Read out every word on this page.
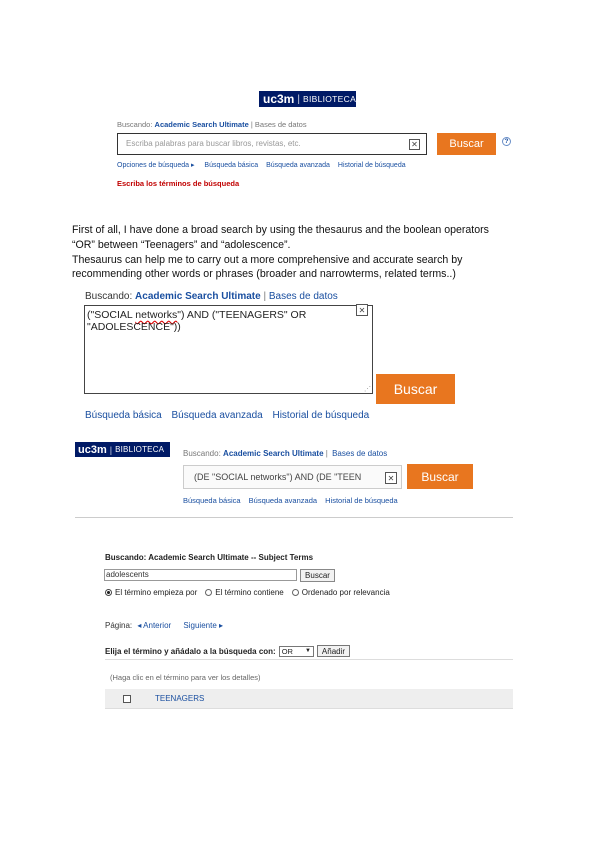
uc3m | BIBLIOTECA
Buscando: Academic Search Ultimate | Bases de datos
Escriba palabras para buscar libros, revistas, etc.	✕	Buscar	?
Opciones de búsqueda ▸ Búsqueda básica Búsqueda avanzada Historial de búsqueda
Escriba los términos de búsqueda
First of all, I have done a broad search by using the thesaurus and the boolean operators
“OR” between “Teenagers” and “adolescence”.
Thesaurus can help me to carry out a more comprehensive and accurate search by
recommending other words or phrases (broader and narrowterms, related terms..)
Buscando: Academic Search Ultimate | Bases de datos
("SOCIAL networks") AND ("TEENAGERS" OR
"ADOLESCENCE"))
✕
⋰	Buscar
Búsqueda básica Búsqueda avanzada Historial de búsqueda
uc3m | BIBLIOTECA Buscando: Academic Search Ultimate | Bases de datos
(DE "SOCIAL networks") AND (DE "TEEN	✕	Buscar
Búsqueda básica Búsqueda avanzada Historial de búsqueda
Buscando: Academic Search Ultimate -- Subject Terms
adolescents	Buscar
El término empieza por El término contiene Ordenado por relevancia
Página: ◂ Anterior Siguiente ▸
Elija el término y añádalo a la búsqueda con: OR ▼	Añadir
(Haga clic en el término para ver los detalles)
TEENAGERS
